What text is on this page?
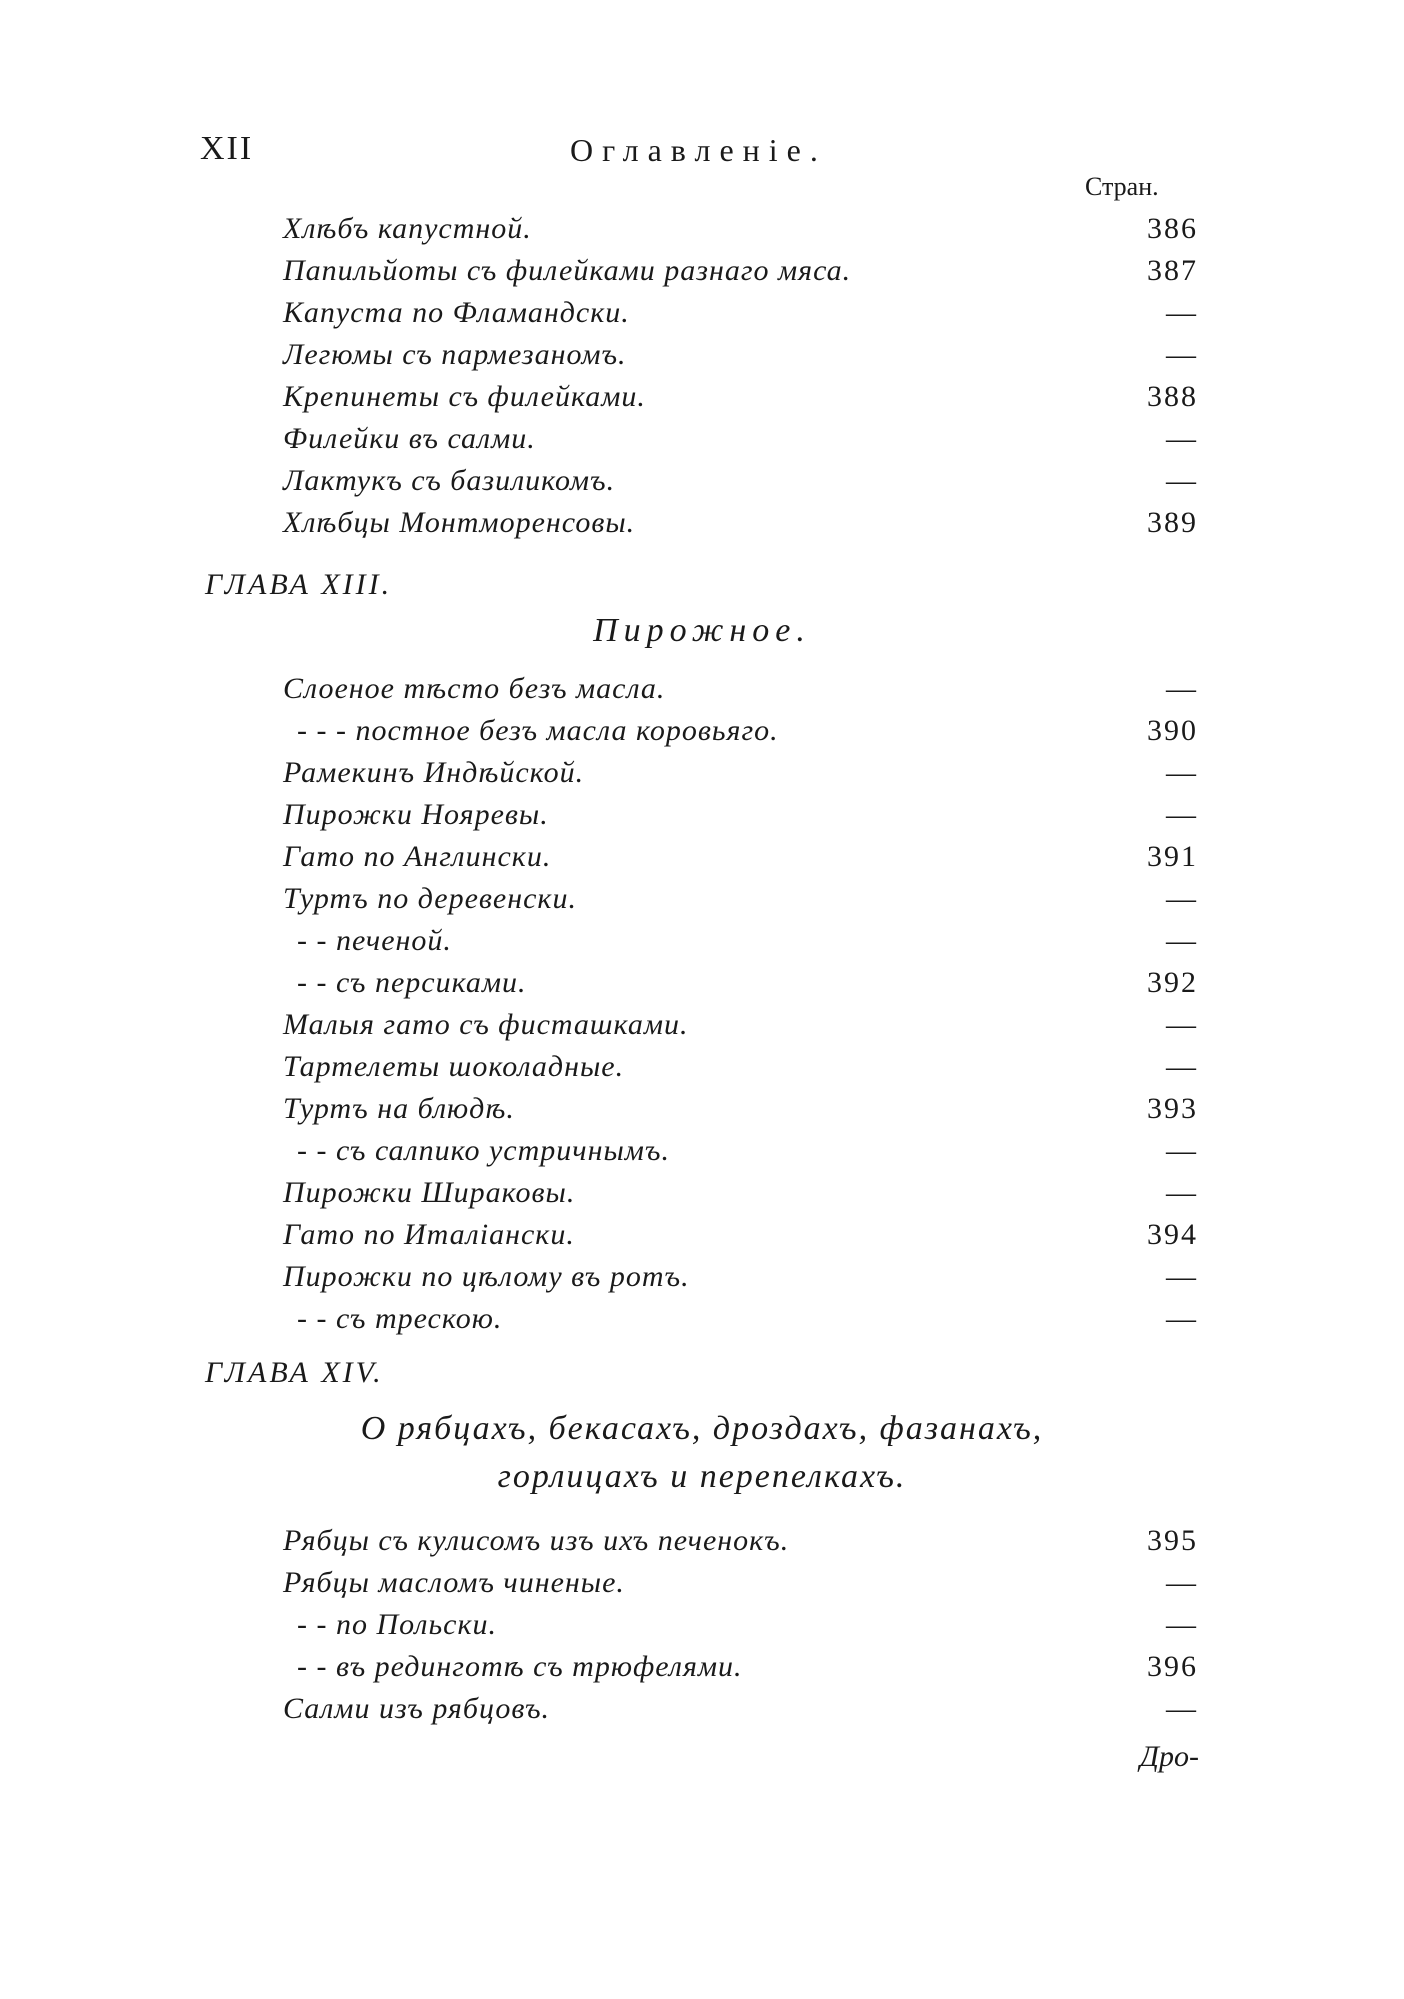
XII	Оглавленіе.
Стран.
Хлѣбъ капустной.	386
Папильйоты съ филейками разнаго мяса.	387
Капуста по Фламандски.	—
Легюмы съ пармезаномъ.	—
Крепинеты съ филейками.	388
Филейки въ салми.	—
Лактукъ съ базиликомъ.	—
Хлѣбцы Монтморенсовы.	389
ГЛАВА XIII.
Пирожное.
Слоеное тѣсто безъ масла.	—
- - - постное безъ масла коровьяго.	390
Рамекинъ Индѣйской.	—
Пирожки Нояревы.	—
Гато по Англински.	391
Туртъ по деревенски.	—
- - печеной.	—
- - съ персиками.	392
Малыя гато съ фисташками.	—
Тартелеты шоколадные.	—
Туртъ на блюдѣ.	393
- - съ салпико устричнымъ.	—
Пирожки Шираковы.	—
Гато по Италіански.	394
Пирожки по цѣлому въ ротъ.	—
- - съ трескою.	—
ГЛАВА XIV.
О рябцахъ, бекасахъ, дроздахъ, фазанахъ,
горлицахъ и перепелкахъ.
Рябцы съ кулисомъ изъ ихъ печенокъ.	395
Рябцы масломъ чиненые.	—
- - по Польски.	—
- - въ рединготѣ съ трюфелями.	396
Салми изъ рябцовъ.	—
Дро-
